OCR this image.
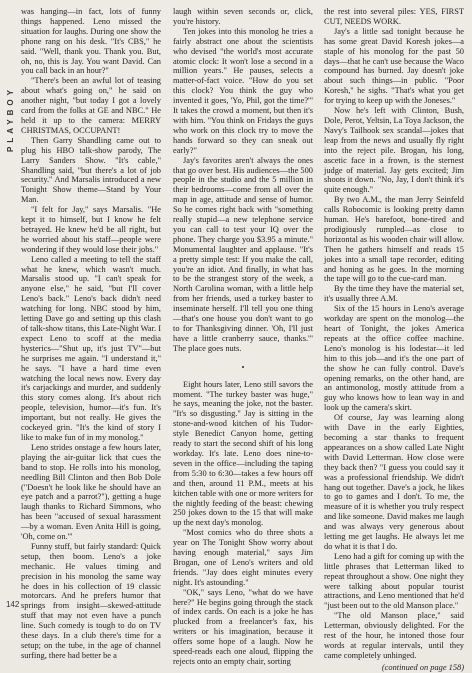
PLAYBOY
142

was hanging—in fact, lots of funny things happened. Leno missed the situation for laughs. During one show the phone rang on his desk. "It's CBS," he said. "Well, thank you. Thank you. But, oh, no, this is Jay. You want David. Can you call back in an hour?"

"There's been an awful lot of teasing about what's going on," he said on another night, "but today I got a lovely card from the folks at GE and NBC." He held it up to the camera: MERRY CHRISTMAS, OCCUPANT!

Then Garry Shandling came out to plug his HBO talk-show parody, The Larry Sanders Show. "It's cable," Shandling said, "but there's a lot of job security." And Marsalis introduced a new Tonight Show theme—Stand by Your Man.

"I felt for Jay," says Marsalis. "He kept it to himself, but I know he felt betrayed. He knew he'd be all right, but he worried about his staff—people were wondering if they would lose their jobs."

Leno called a meeting to tell the staff what he knew, which wasn't much. Marsalis stood up. "I can't speak for anyone else," he said, "but I'll cover Leno's back." Leno's back didn't need watching for long. NBC stood by him, letting Dave go and setting up this clash of talk-show titans, this Late-Night War. I expect Leno to scoff at the media hysterics—"Shut up, it's just TV"—but he surprises me again. "I understand it," he says. "I have a hard time even watching the local news now. Every day it's carjackings and murder, and suddenly this story comes along. It's about rich people, television, humor—it's fun. It's important, but not really. He gives the cockeyed grin. "It's the kind of story I like to make fun of in my monolog."

Leno strides onstage a few hours later, playing the air-guitar lick that cues the band to stop. He rolls into his monolog, needling Bill Clinton and then Bob Dole ("Doesn't he look like he should have an eye patch and a parrot?"), getting a huge laugh thanks to Richard Simmons, who has been "accused of sexual harassment—by a woman. Even Anita Hill is going, 'Oh, come on.'"

Funny stuff, but fairly standard: Quick setup, then boom. Leno's a joke mechanic. He values timing and precision in his monolog the same way he does in his collection of 19 classic motorcars. And he prefers humor that springs from insight—skewed-attitude stuff that may not even have a punch line. Such comedy is tough to do on TV these days. In a club there's time for a setup; on the tube, in the age of channel surfing, there had better be a

laugh within seven seconds or, click, you're history.

Ten jokes into this monolog he tries a fairly abstract one about the scientists who devised "the world's most accurate atomic clock: It won't lose a second in a million years." He pauses, selects a matter-of-fact voice. "How do you set this clock? You think the guy who invented it goes, 'Yo, Phil, got the time?'" It takes the crowd a moment, but then it's with him. "You think on Fridays the guys who work on this clock try to move the hands forward so they can sneak out early?"

Jay's favorites aren't always the ones that go over best. His audiences—the 500 people in the studio and the 5 million in their bedrooms—come from all over the map in age, attitude and sense of humor. So he comes right back with "something really stupid—a new telephone service you can call to test your IQ over the phone. They charge you $3.95 a minute." Monumental laughter and applause. "It's a pretty simple test: If you make the call, you're an idiot. And finally, in what has to be the strangest story of the week, a North Carolina woman, with a little help from her friends, used a turkey baster to inseminate herself. I'll tell you one thing—that's one house you don't want to go to for Thanksgiving dinner. 'Oh, I'll just have a little cranberry sauce, thanks.'" The place goes nuts.

•

Eight hours later, Leno still savors the moment. "The turkey baster was huge," he says, meaning the joke, not the baster. "It's so disgusting." Jay is sitting in the stone-and-wood kitchen of his Tudor-style Benedict Canyon home, getting ready to start the second shift of his long workday. It's late. Leno does nine-to-seven in the office—including the taping from 5:30 to 6:30—takes a few hours off and then, around 11 P.M., meets at his kitchen table with one or more writers for the nightly feeding of the beast: chewing 250 jokes down to the 15 that will make up the next day's monolog.

"Most comics who do three shots a year on The Tonight Show worry about having enough material," says Jim Brogan, one of Leno's writers and old friends. "Jay does eight minutes every night. It's astounding."

"OK," says Leno, "what do we have here?" He begins going through the stack of index cards. On each is a joke he has plucked from a freelancer's fax, his writers or his imagination, because it offers some hope of a laugh. Now he speed-reads each one aloud, flipping the rejects onto an empty chair, sorting

the rest into several piles: YES, FIRST CUT, NEEDS WORK.

Jay's a little sad tonight because he has some great David Koresh jokes—a staple of his monolog for the past 50 days—that he can't use because the Waco compound has burned. Jay doesn't joke about such things—in public. "Poor Koresh," he sighs. "That's what you get for trying to keep up with the Joneses."

Now he's left with Clinton, Bush, Dole, Perot, Yeltsin, La Toya Jackson, the Navy's Tailhook sex scandal—jokes that leap from the news and usually fly right into the reject pile. Brogan, his long, ascetic face in a frown, is the sternest judge of material. Jay gets excited; Jim shoots it down. "No, Jay, I don't think it's quite enough."

By two A.M., the man Jerry Seinfeld calls Robocomic is looking pretty damn human. He's barefoot, bone-tired and prodigiously rumpled—as close to horizontal as his wooden chair will allow. Then he gathers himself and reads 15 jokes into a small tape recorder, editing and honing as he goes. In the morning the tape will go to the cue-card man.

By the time they have the material set, it's usually three A.M.

Six of the 15 hours in Leno's average workday are spent on the monolog—the heart of Tonight, the jokes America repeats at the office coffee machine. Leno's monolog is his lodestar—it led him to this job—and it's the one part of the show he can fully control. Dave's opening remarks, on the other hand, are an antimonolog, mostly attitude from a guy who knows how to lean way in and look up the camera's skirt.

Of course, Jay was learning along with Dave in the early Eighties, becoming a star thanks to frequent appearances on a show called Late Night with David Letterman. How close were they back then? "I guess you could say it was a professional friendship. We didn't hang out together. Dave's a jock, he likes to go to games and I don't. To me, the measure of it is whether you truly respect and like someone. David makes me laugh and was always very generous about letting me get laughs. He always let me do what it is that I do.

Leno had a gift for coming up with the little phrases that Letterman liked to repeat throughout a show. One night they were talking about popular tourist attractions, and Leno mentioned that he'd "just been out to the old Manson place."

"The old Manson place," said Letterman, obviously delighted. For the rest of the hour, he intoned those four words at regular intervals, until they came completely unhinged.

(continued on page 158)
